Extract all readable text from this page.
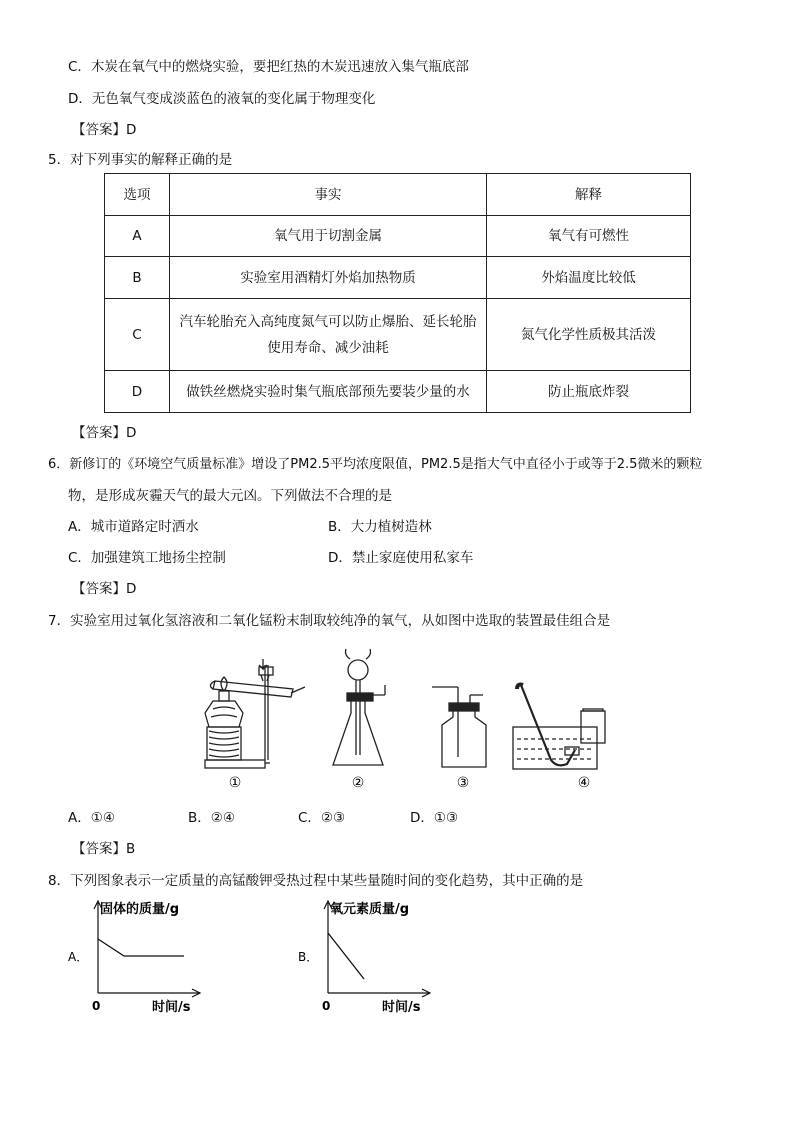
C．木炭在氧气中的燃烧实验，要把红热的木炭迅速放入集气瓶底部
D．无色氧气变成淡蓝色的液氧的变化属于物理变化
【答案】D
5．对下列事实的解释正确的是
选项	事实	解释
A	氧气用于切割金属	氧气有可燃性
B	实验室用酒精灯外焰加热物质	外焰温度比较低
C	汽车轮胎充入高纯度氮气可以防止爆胎、延长轮胎
使用寿命、减少油耗	氮气化学性质极其活泼
D	做铁丝燃烧实验时集气瓶底部预先要装少量的水	防止瓶底炸裂
【答案】D
6．新修订的《环境空气质量标准》增设了PM2.5平均浓度限值，PM2.5是指大气中直径小于或等于2.5微米的颗粒
物，是形成灰霾天气的最大元凶。下列做法不合理的是
A．城市道路定时洒水	B．大力植树造林
C．加强建筑工地扬尘控制	D．禁止家庭使用私家车
【答案】D
7．实验室用过氧化氢溶液和二氧化锰粉末制取较纯净的氧气，从如图中选取的装置最佳组合是
①	②	③	④
A．①④	B．②④	C．②③	D．①③
【答案】B
8．下列图象表示一定质量的高锰酸钾受热过程中某些量随时间的变化趋势，其中正确的是
固体的质量/g
A．
0	时间/s
氧元素质量/g
B．
0	时间/s
